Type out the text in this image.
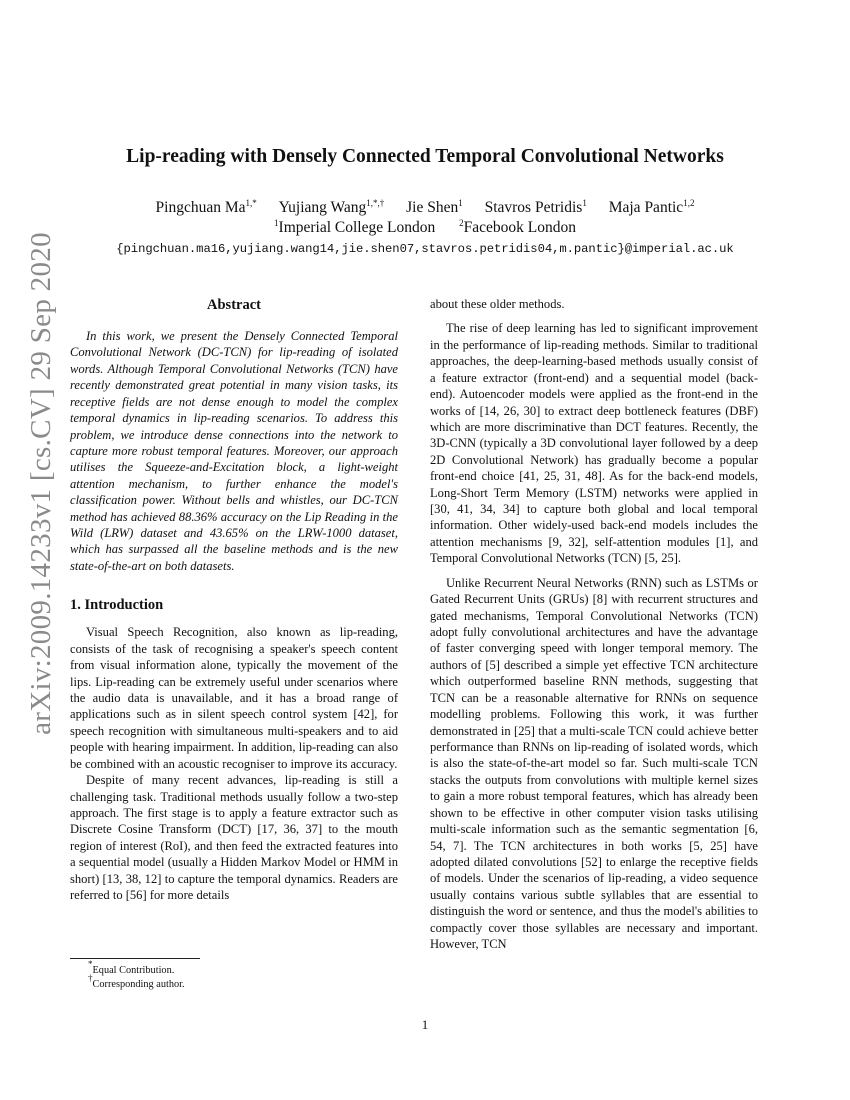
arXiv:2009.14233v1 [cs.CV] 29 Sep 2020
Lip-reading with Densely Connected Temporal Convolutional Networks
Pingchuan $Ma^{1,*}$ Yujiang Wang$^{1,*,\dagger}$ Jie Shen$^1$ Stavros Petridis$^1$ Maja Pantic$^{1,2}$
$^1$Imperial College London	$^2$Facebook London
{pingchuan.ma16,yujiang.wang14,jie.shen07,stavros.petridis04,m.pantic}@imperial.ac.uk
Abstract

In this work, we present the Densely Connected Temporal Convolutional Network (DC-TCN) for lip-reading of isolated words. Although Temporal Convolutional Networks (TCN) have recently demonstrated great potential in many vision tasks, its receptive fields are not dense enough to model the complex temporal dynamics in lip-reading scenarios. To address this problem, we introduce dense connections into the network to capture more robust temporal features. Moreover, our approach utilises the Squeeze-and-Excitation block, a light-weight attention mechanism, to further enhance the model's classification power. Without bells and whistles, our DC-TCN method has achieved 88.36% accuracy on the Lip Reading in the Wild (LRW) dataset and 43.65% on the LRW-1000 dataset, which has surpassed all the baseline methods and is the new state-of-the-art on both datasets.

1. Introduction

Visual Speech Recognition, also known as lip-reading, consists of the task of recognising a speaker's speech content from visual information alone, typically the movement of the lips. Lip-reading can be extremely useful under scenarios where the audio data is unavailable, and it has a broad range of applications such as in silent speech control system [42], for speech recognition with simultaneous multi-speakers and to aid people with hearing impairment. In addition, lip-reading can also be combined with an acoustic recogniser to improve its accuracy.

Despite of many recent advances, lip-reading is still a challenging task. Traditional methods usually follow a two-step approach. The first stage is to apply a feature extractor such as Discrete Cosine Transform (DCT) [17, 36, 37] to the mouth region of interest (RoI), and then feed the extracted features into a sequential model (usually a Hidden Markov Model or HMM in short) [13, 38, 12] to capture the temporal dynamics. Readers are referred to [56] for more details

about these older methods.

The rise of deep learning has led to significant improvement in the performance of lip-reading methods. Similar to traditional approaches, the deep-learning-based methods usually consist of a feature extractor (front-end) and a sequential model (back-end). Autoencoder models were applied as the front-end in the works of [14, 26, 30] to extract deep bottleneck features (DBF) which are more discriminative than DCT features. Recently, the 3D-CNN (typically a 3D convolutional layer followed by a deep 2D Convolutional Network) has gradually become a popular front-end choice [41, 25, 31, 48]. As for the back-end models, Long-Short Term Memory (LSTM) networks were applied in [30, 41, 34, 34] to capture both global and local temporal information. Other widely-used back-end models includes the attention mechanisms [9, 32], self-attention modules [1], and Temporal Convolutional Networks (TCN) [5, 25].

Unlike Recurrent Neural Networks (RNN) such as LSTMs or Gated Recurrent Units (GRUs) [8] with recurrent structures and gated mechanisms, Temporal Convolutional Networks (TCN) adopt fully convolutional architectures and have the advantage of faster converging speed with longer temporal memory. The authors of [5] described a simple yet effective TCN architecture which outperformed baseline RNN methods, suggesting that TCN can be a reasonable alternative for RNNs on sequence modelling problems. Following this work, it was further demonstrated in [25] that a multi-scale TCN could achieve better performance than RNNs on lip-reading of isolated words, which is also the state-of-the-art model so far. Such multi-scale TCN stacks the outputs from convolutions with multiple kernel sizes to gain a more robust temporal features, which has already been shown to be effective in other computer vision tasks utilising multi-scale information such as the semantic segmentation [6, 54, 7]. The TCN architectures in both works [5, 25] have adopted dilated convolutions [52] to enlarge the receptive fields of models. Under the scenarios of lip-reading, a video sequence usually contains various subtle syllables that are essential to distinguish the word or sentence, and thus the model's abilities to compactly cover those syllables are necessary and important. However, TCN

*Equal Contribution.
†Corresponding author.
1
